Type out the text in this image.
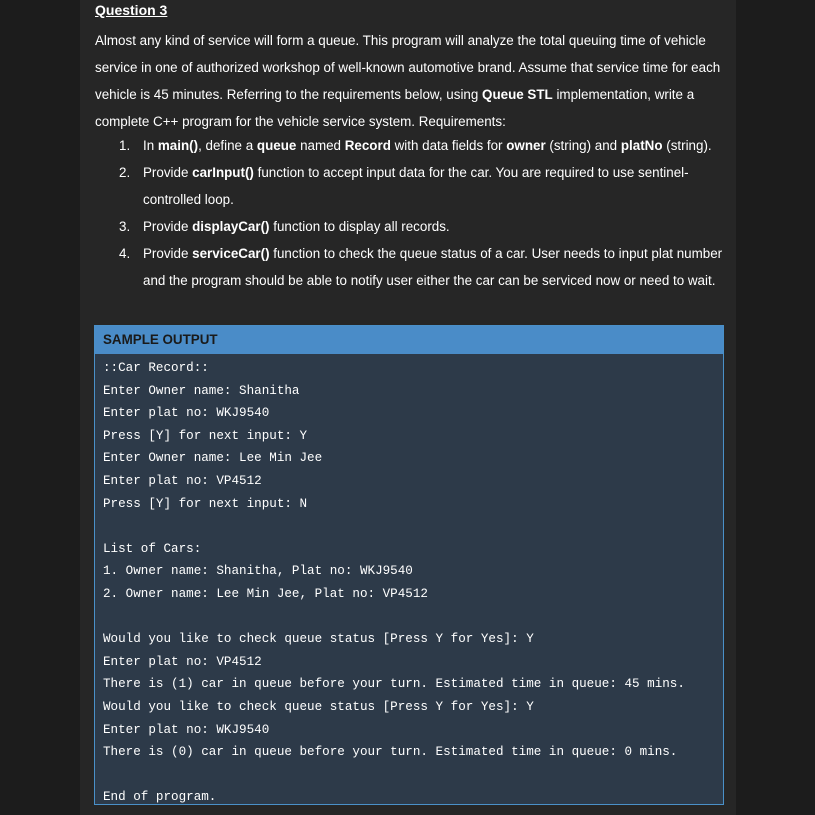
Question 3
Almost any kind of service will form a queue. This program will analyze the total queuing time of vehicle service in one of authorized workshop of well-known automotive brand. Assume that service time for each vehicle is 45 minutes. Referring to the requirements below, using Queue STL implementation, write a complete C++ program for the vehicle service system. Requirements:
1. In main(), define a queue named Record with data fields for owner (string) and platNo (string).
2. Provide carInput() function to accept input data for the car. You are required to use sentinel-controlled loop.
3. Provide displayCar() function to display all records.
4. Provide serviceCar() function to check the queue status of a car. User needs to input plat number and the program should be able to notify user either the car can be serviced now or need to wait.
SAMPLE OUTPUT
::Car Record::
Enter Owner name: Shanitha
Enter plat no: WKJ9540
Press [Y] for next input: Y
Enter Owner name: Lee Min Jee
Enter plat no: VP4512
Press [Y] for next input: N
List of Cars:
1. Owner name: Shanitha, Plat no: WKJ9540
2. Owner name: Lee Min Jee, Plat no: VP4512
Would you like to check queue status [Press Y for Yes]: Y
Enter plat no: VP4512
There is (1) car in queue before your turn. Estimated time in queue: 45 mins.
Would you like to check queue status [Press Y for Yes]: Y
Enter plat no: WKJ9540
There is (0) car in queue before your turn. Estimated time in queue: 0 mins.
End of program.
